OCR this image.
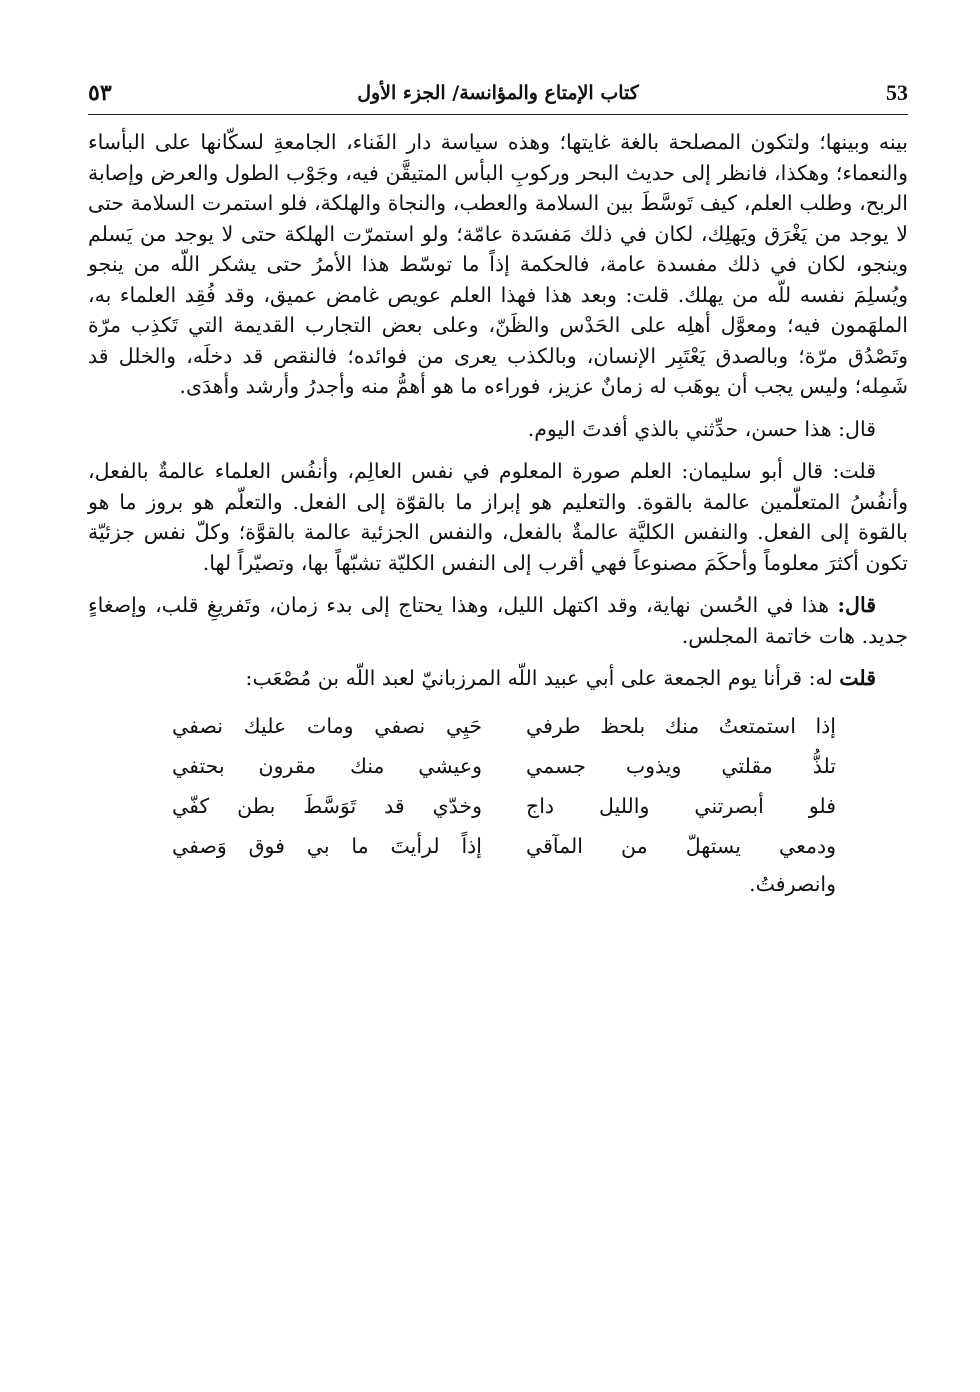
53
كتاب الإمتاع والمؤانسة/ الجزء الأول
٥٣

بينه وبينها؛ ولتكون المصلحة بالغة غايتها؛ وهذه سياسة دار الفَناء، الجامعةِ لسكّانها على البأساء والنعماء؛ وهكذا، فانظر إلى حديث البحر وركوبِ البأس المتيقَّن فيه، وجَوْب الطول والعرض وإصابة الربح، وطلب العلم، كيف تَوسَّطَ بين السلامة والعطب، والنجاة والهلكة، فلو استمرت السلامة حتى لا يوجد من يَغْرَق ويَهلِك، لكان في ذلك مَفسَدة عامّة؛ ولو استمرّت الهلكة حتى لا يوجد من يَسلم وينجو، لكان في ذلك مفسدة عامة، فالحكمة إذاً ما توسّط هذا الأمرُ حتى يشكر اللّه من ينجو ويُسلِمَ نفسه للّه من يهلك. قلت: وبعد هذا فهذا العلم عويص غامض عميق، وقد فُقِد العلماء به، الملهَمون فيه؛ ومعوَّل أهلِه على الحَدْس والظَنّ، وعلى بعض التجارب القديمة التي تَكذِب مرّة وتَصْدُق مرّة؛ وبالصدق يَعْتَبِر الإنسان، وبالكذب يعرى من فوائده؛ فالنقص قد دخلَه، والخلل قد شَمِله؛ وليس يجب أن يوهَب له زمانٌ عزيز، فوراءه ما هو أهمُّ منه وأجدرُ وأرشد وأهدَى.

قال: هذا حسن، حدِّثني بالذي أفدتَ اليوم.

قلت: قال أبو سليمان: العلم صورة المعلوم في نفس العالِم، وأنفُس العلماء عالمةٌ بالفعل، وأنفُسُ المتعلّمين عالمة بالقوة. والتعليم هو إبراز ما بالقوّة إلى الفعل. والتعلّم هو بروز ما هو بالقوة إلى الفعل. والنفس الكليَّة عالمةٌ بالفعل، والنفس الجزئية عالمة بالقوَّة؛ وكلّ نفس جزئيّة تكون أكثرَ معلوماً وأحكَمَ مصنوعاً فهي أقرب إلى النفس الكليّة تشبّهاً بها، وتصيّراً لها.

قال: هذا في الحُسن نهاية، وقد اكتهل الليل، وهذا يحتاج إلى بدء زمان، وتَفريغِ قلب، وإصغاءٍ جديد. هات خاتمة المجلس.

قلت له: قرأنا يوم الجمعة على أبي عبيد اللّه المرزبانيّ لعبد اللّه بن مُصْعَب:

إذا استمتعتُ منك بلحظ طرفي
حَيِي نصفي ومات عليك نصفي
تلذُّ مقلتي ويذوب جسمي
وعيشي منك مقرون بحتفي
فلو أبصرتني والليل داج
وخدّي قد تَوَسَّطَ بطن كفّي
ودمعي يستهلّ من المآقي
إذاً لرأيتَ ما بي فوق وَصفي
وانصرفتُ.
